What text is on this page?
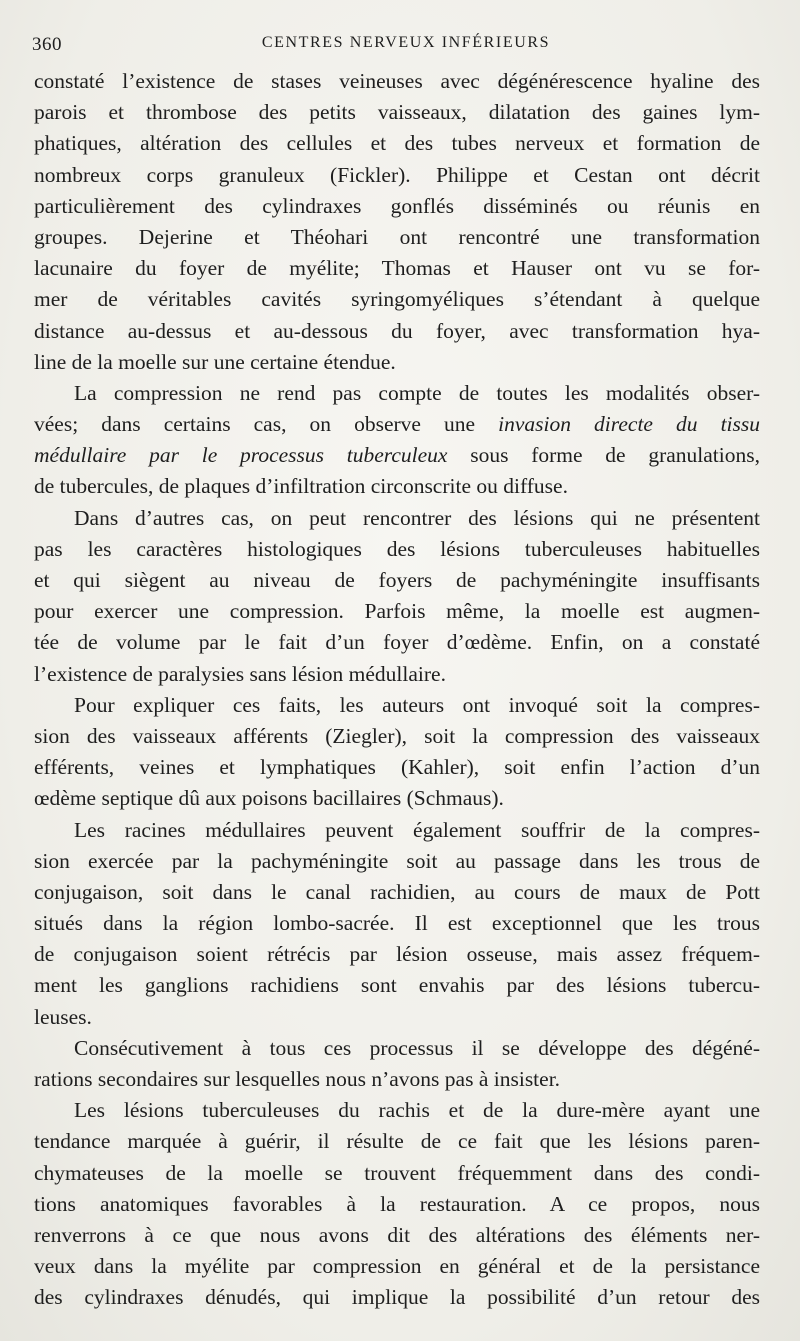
360	CENTRES NERVEUX INFÉRIEURS

constaté l’existence de stases veineuses avec dégénérescence hyaline des
parois et thrombose des petits vaisseaux, dilatation des gaines lym-
phatiques, altération des cellules et des tubes nerveux et formation de
nombreux corps granuleux (Fickler). Philippe et Cestan ont décrit
particulièrement des cylindraxes gonflés disséminés ou réunis en
groupes. Dejerine et Théohari ont rencontré une transformation
lacunaire du foyer de myélite; Thomas et Hauser ont vu se for-
mer de véritables cavités syringomyéliques s’étendant à quelque
distance au-dessus et au-dessous du foyer, avec transformation hya-
line de la moelle sur une certaine étendue.

La compression ne rend pas compte de toutes les modalités obser-
vées; dans certains cas, on observe une invasion directe du tissu
médullaire par le processus tuberculeux sous forme de granulations,
de tubercules, de plaques d’infiltration circonscrite ou diffuse.

Dans d’autres cas, on peut rencontrer des lésions qui ne présentent
pas les caractères histologiques des lésions tuberculeuses habituelles
et qui siègent au niveau de foyers de pachyméningite insuffisants
pour exercer une compression. Parfois même, la moelle est augmen-
tée de volume par le fait d’un foyer d’œdème. Enfin, on a constaté
l’existence de paralysies sans lésion médullaire.

Pour expliquer ces faits, les auteurs ont invoqué soit la compres-
sion des vaisseaux afférents (Ziegler), soit la compression des vaisseaux
efférents, veines et lymphatiques (Kahler), soit enfin l’action d’un
œdème septique dû aux poisons bacillaires (Schmaus).

Les racines médullaires peuvent également souffrir de la compres-
sion exercée par la pachyméningite soit au passage dans les trous de
conjugaison, soit dans le canal rachidien, au cours de maux de Pott
situés dans la région lombo-sacrée. Il est exceptionnel que les trous
de conjugaison soient rétrécis par lésion osseuse, mais assez fréquem-
ment les ganglions rachidiens sont envahis par des lésions tubercu-
leuses.

Consécutivement à tous ces processus il se développe des dégéné-
rations secondaires sur lesquelles nous n’avons pas à insister.

Les lésions tuberculeuses du rachis et de la dure-mère ayant une
tendance marquée à guérir, il résulte de ce fait que les lésions paren-
chymateuses de la moelle se trouvent fréquemment dans des condi-
tions anatomiques favorables à la restauration. A ce propos, nous
renverrons à ce que nous avons dit des altérations des éléments ner-
veux dans la myélite par compression en général et de la persistance
des cylindraxes dénudés, qui implique la possibilité d’un retour des
